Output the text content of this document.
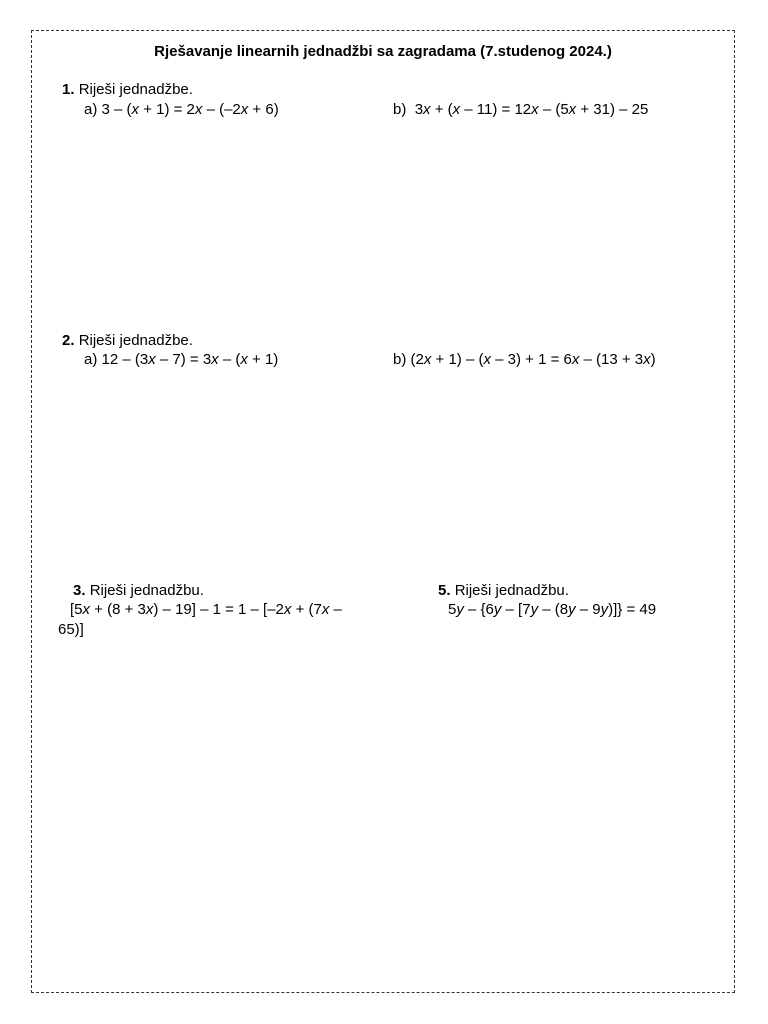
Rješavanje linearnih jednadžbi sa zagradama (7.studenog 2024.)
1. Riješi jednadžbe.
a) 3 – (x + 1) = 2x – (–2x + 6)	b) 3x + (x – 11) = 12x – (5x + 31) – 25
2. Riješi jednadžbe.
a) 12 – (3x – 7) = 3x – (x + 1)	b) (2x + 1) – (x – 3) + 1 = 6x – (13 + 3x)
3. Riješi jednadžbu.
[5x + (8 + 3x) – 19] – 1 = 1 – [–2x + (7x –
65)]
5. Riješi jednadžbu.
5y – {6y – [7y – (8y – 9y)]} = 49
